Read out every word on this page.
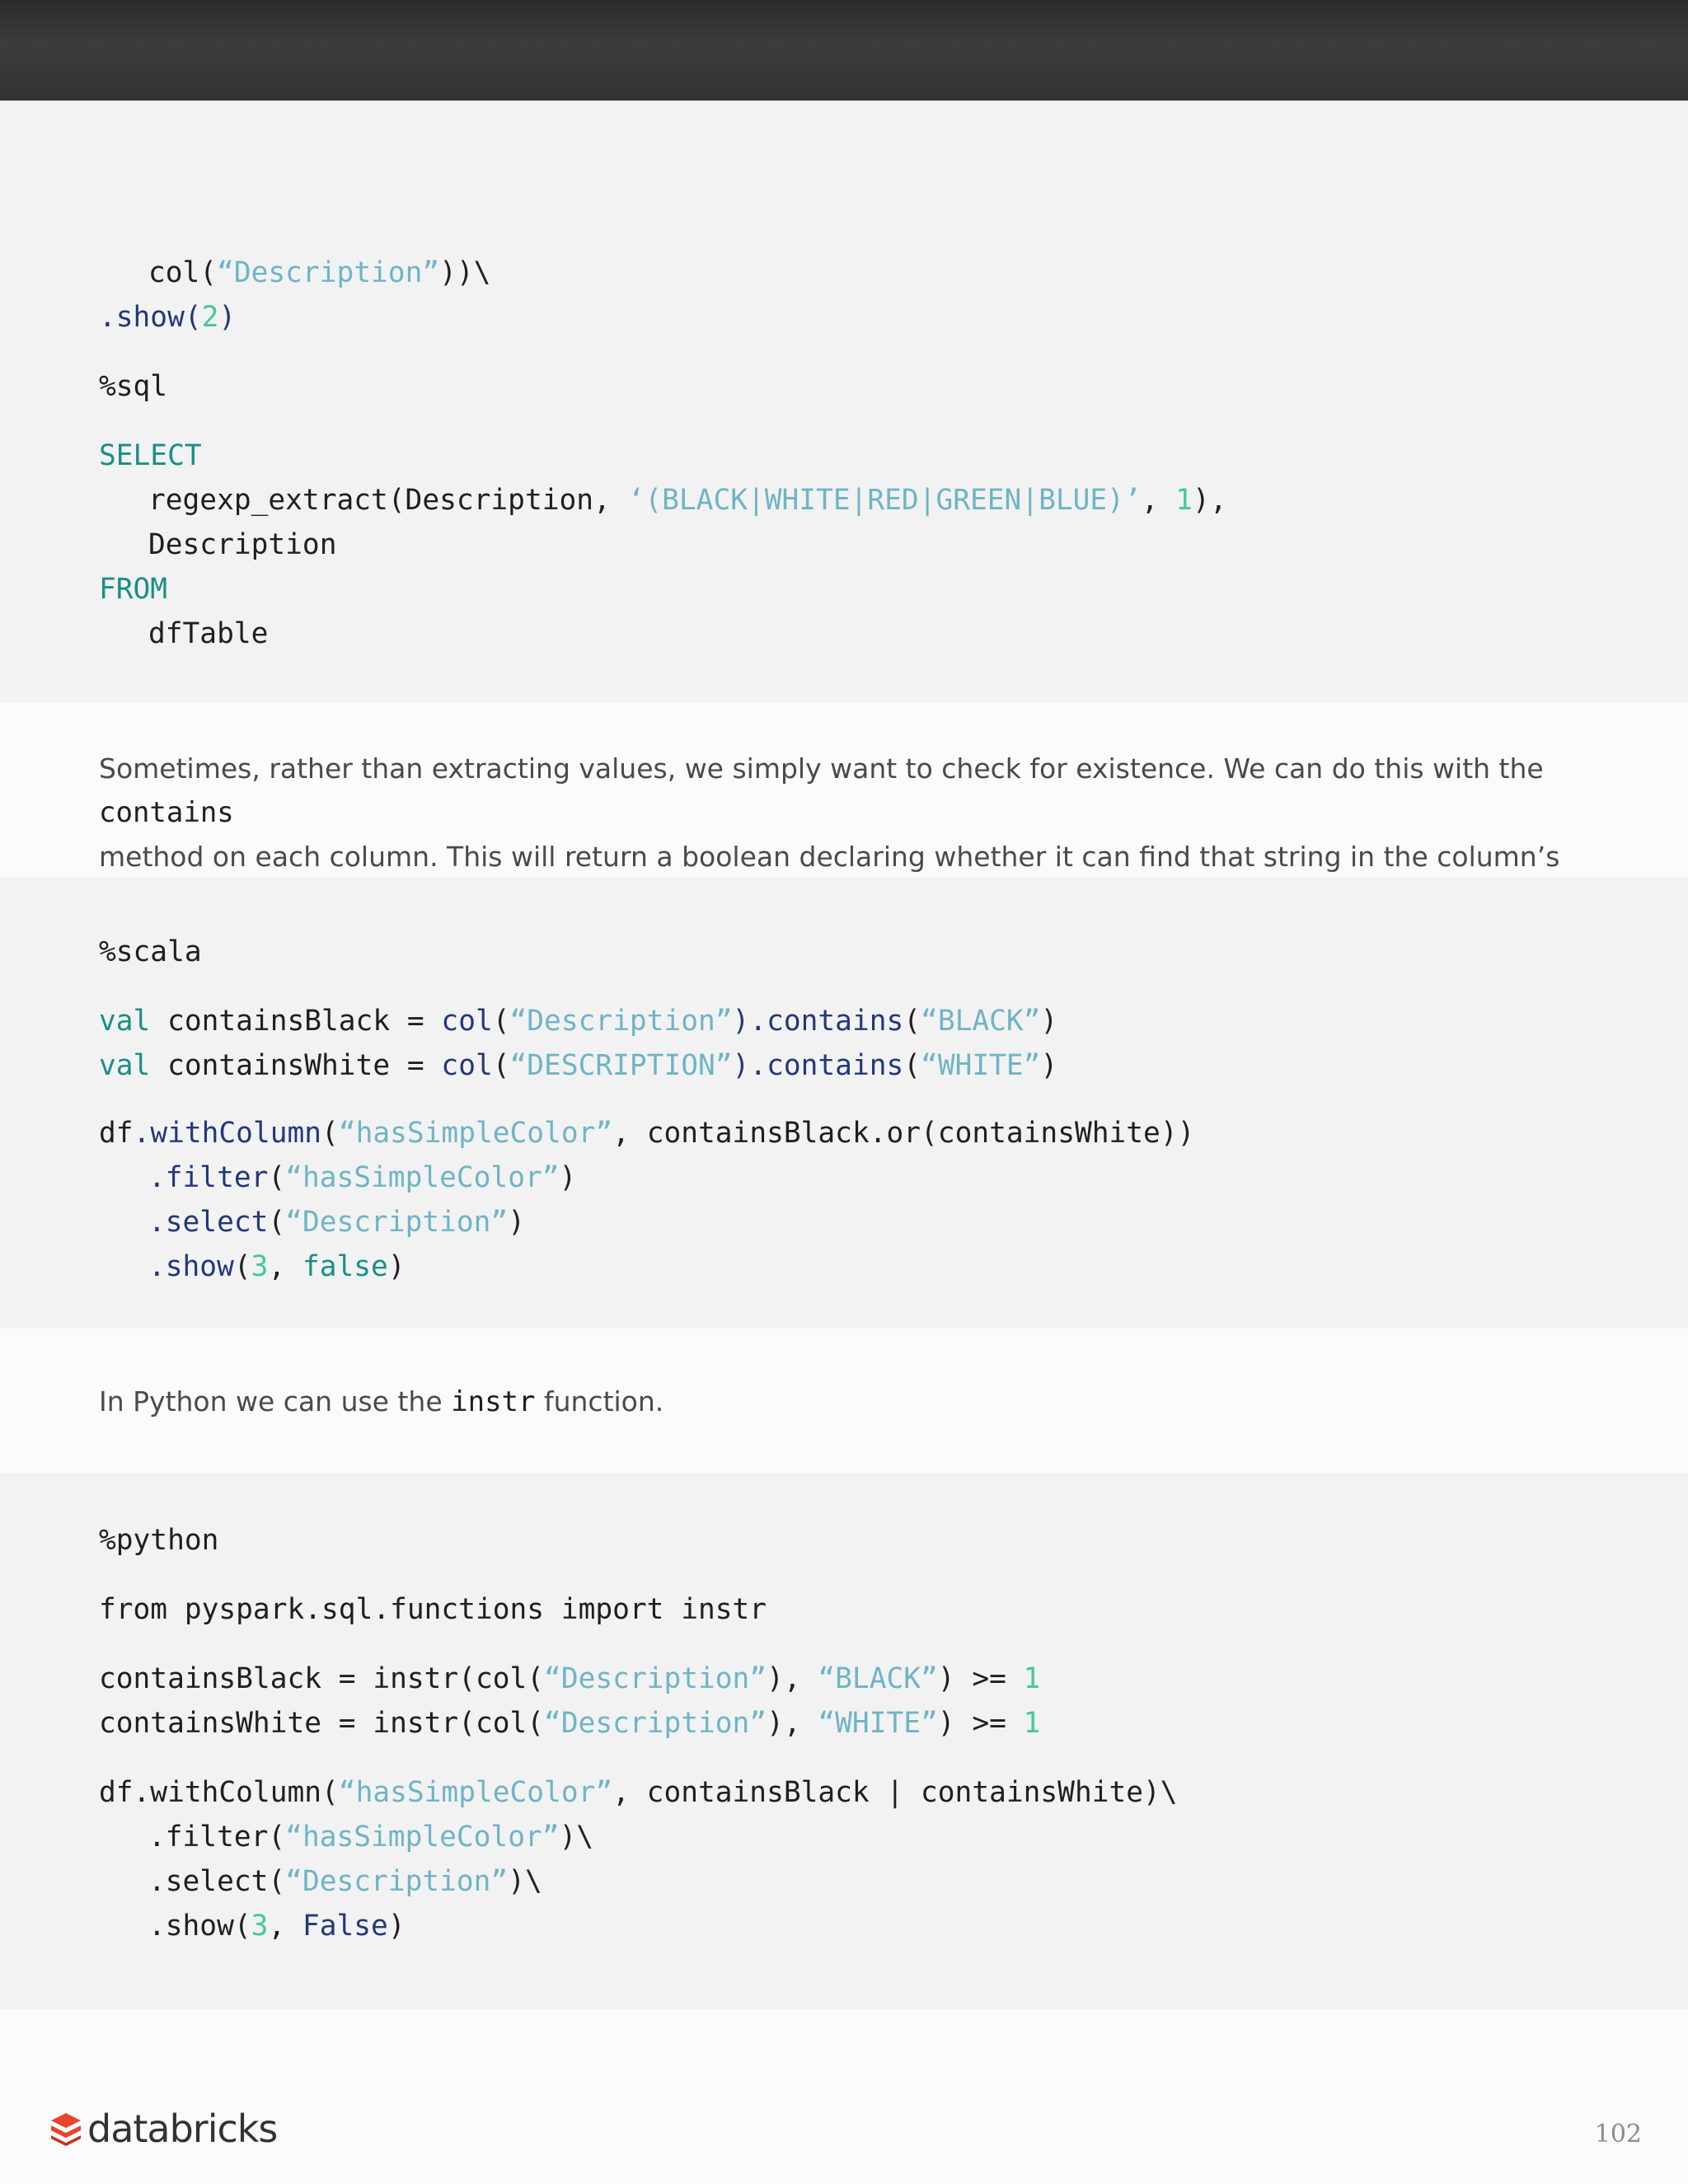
col(“Description”))\
.show(2)
%sql
SELECT
regexp_extract(Description, ‘(BLACK|WHITE|RED|GREEN|BLUE)’, 1),
Description
FROM
dfTable
Sometimes, rather than extracting values, we simply want to check for existence. We can do this with the contains
method on each column. This will return a boolean declaring whether it can find that string in the column’s
%scala
val containsBlack = col(“Description”).contains(“BLACK”)
val containsWhite = col(“DESCRIPTION”).contains(“WHITE”)
df.withColumn(“hasSimpleColor”, containsBlack.or(containsWhite))
.filter(“hasSimpleColor”)
.select(“Description”)
.show(3, false)
In Python we can use the instr function.
%python
from pyspark.sql.functions import instr
containsBlack = instr(col(“Description”), “BLACK”) >= 1
containsWhite = instr(col(“Description”), “WHITE”) >= 1
df.withColumn(“hasSimpleColor”, containsBlack | containsWhite)\
.filter(“hasSimpleColor”)\
.select(“Description”)\
.show(3, False)
databricks	102
